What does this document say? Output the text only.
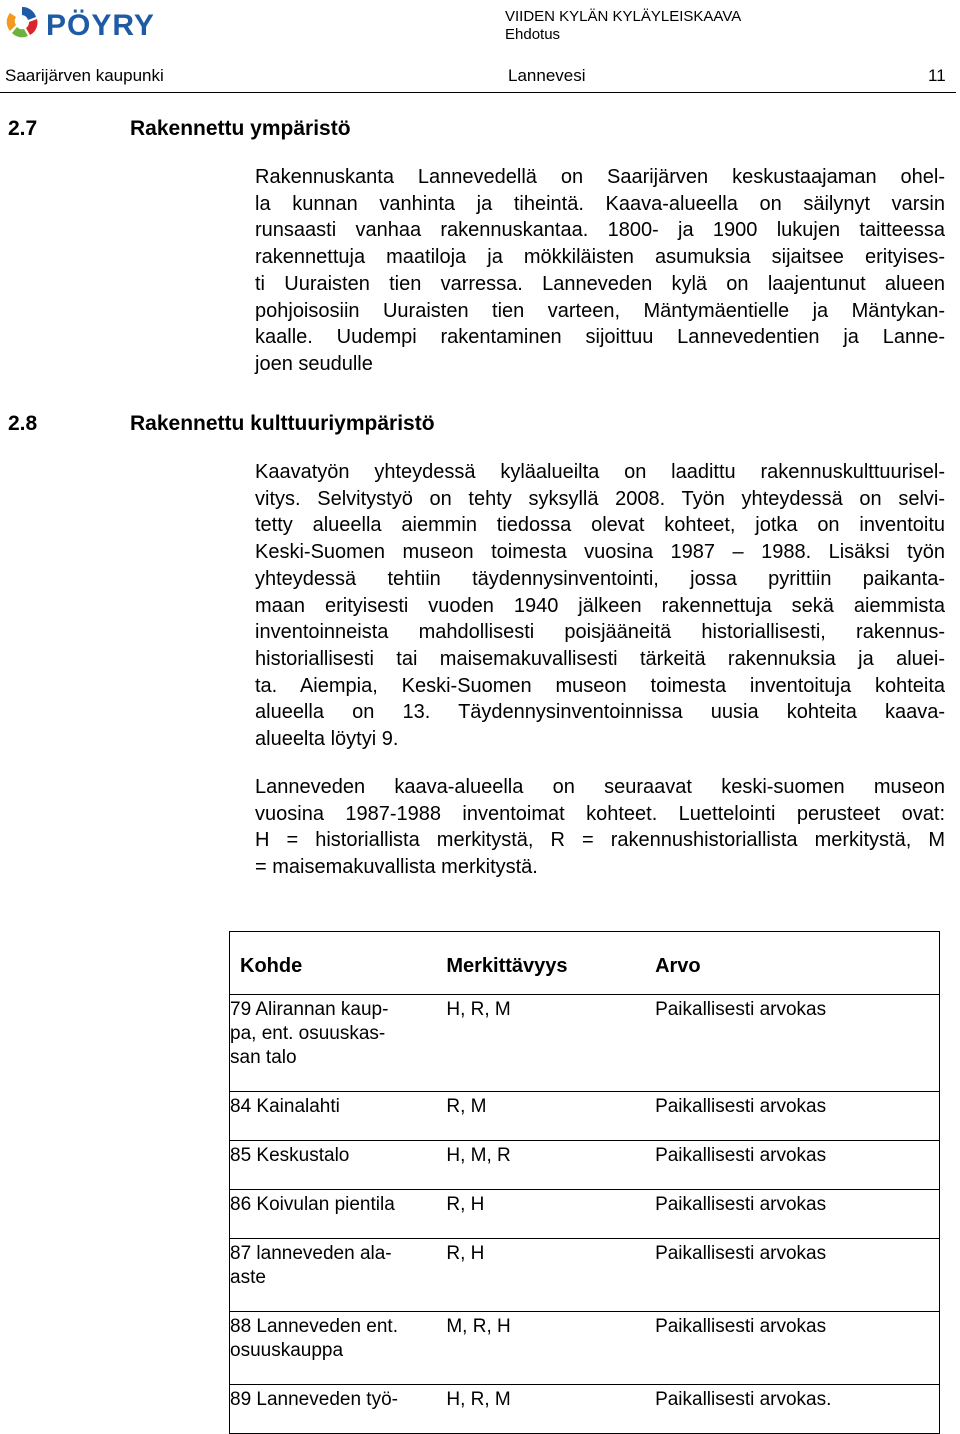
PÖYRY	VIIDEN KYLÄN KYLÄYLEISKAAVA
Ehdotus
Saarijärven kaupunki	Lannevesi	11
2.7	Rakennettu ympäristö
Rakennuskanta Lannevedellä on Saarijärven keskustaajaman ohel-
la kunnan vanhinta ja tiheintä. Kaava-alueella on säilynyt varsin
runsaasti vanhaa rakennuskantaa. 1800- ja 1900 lukujen taitteessa
rakennettuja maatiloja ja mökkiläisten asumuksia sijaitsee erityises-
ti Uuraisten tien varressa. Lanneveden kylä on laajentunut alueen
pohjoisosiin Uuraisten tien varteen, Mäntymäentielle ja Mäntykan-
kaalle. Uudempi rakentaminen sijoittuu Lannevedentien ja Lanne-
joen seudulle
2.8	Rakennettu kulttuuriympäristö
Kaavatyön yhteydessä kyläalueilta on laadittu rakennuskulttuurisel-
vitys. Selvitystyö on tehty syksyllä 2008. Työn yhteydessä on selvi-
tetty alueella aiemmin tiedossa olevat kohteet, jotka on inventoitu
Keski-Suomen museon toimesta vuosina 1987 – 1988. Lisäksi työn
yhteydessä tehtiin täydennysinventointi, jossa pyrittiin paikanta-
maan erityisesti vuoden 1940 jälkeen rakennettuja sekä aiemmista
inventoinneista mahdollisesti poisjääneitä historiallisesti, rakennus-
historiallisesti tai maisemakuvallisesti tärkeitä rakennuksia ja aluei-
ta. Aiempia, Keski-Suomen museon toimesta inventoituja kohteita
alueella on 13. Täydennysinventoinnissa uusia kohteita kaava-
alueelta löytyi 9.
Lanneveden kaava-alueella on seuraavat keski-suomen museon
vuosina 1987-1988 inventoimat kohteet. Luettelointi perusteet ovat:
H = historiallista merkitystä, R = rakennushistoriallista merkitystä, M
= maisemakuvallista merkitystä.
Kohde	Merkittävyys	Arvo

79 Alirannan kaup-
pa, ent. osuuskas-
san talo	H, R, M	Paikallisesti arvokas

84 Kainalahti	R, M	Paikallisesti arvokas

85 Keskustalo	H, M, R	Paikallisesti arvokas

86 Koivulan pientila	R, H	Paikallisesti arvokas

87 lanneveden ala-
aste	R, H	Paikallisesti arvokas

88 Lanneveden ent.
osuuskauppa	M, R, H	Paikallisesti arvokas

89 Lanneveden työ-	H, R, M	Paikallisesti arvokas.
